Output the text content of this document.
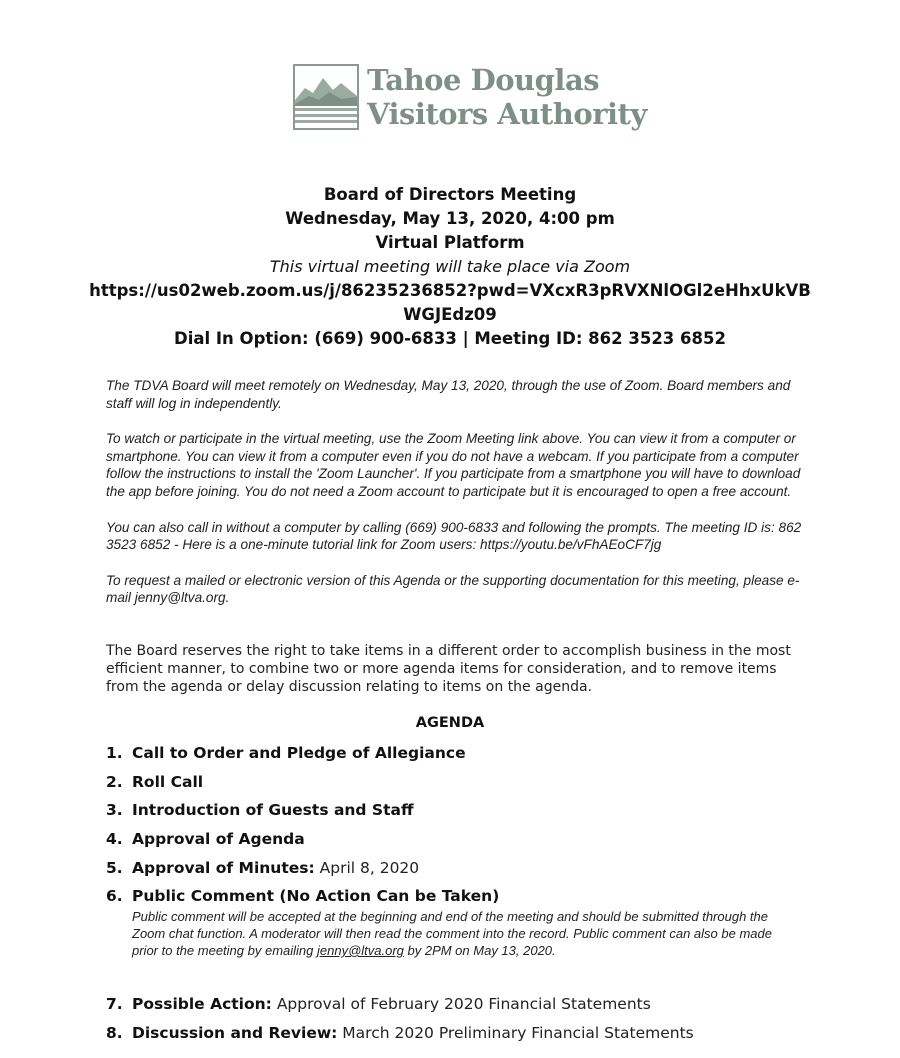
Tahoe Douglas
Visitors Authority
Board of Directors Meeting
Wednesday, May 13, 2020, 4:00 pm
Virtual Platform
This virtual meeting will take place via Zoom
https://us02web.zoom.us/j/86235236852?pwd=VXcxR3pRVXNlOGl2eHhxUkVB
WGJEdz09
Dial In Option: (669) 900-6833 | Meeting ID: 862 3523 6852

The TDVA Board will meet remotely on Wednesday, May 13, 2020, through the use of Zoom. Board members and staff will log in independently.

To watch or participate in the virtual meeting, use the Zoom Meeting link above. You can view it from a computer or smartphone. You can view it from a computer even if you do not have a webcam. If you participate from a computer follow the instructions to install the 'Zoom Launcher'. If you participate from a smartphone you will have to download the app before joining. You do not need a Zoom account to participate but it is encouraged to open a free account.

You can also call in without a computer by calling (669) 900-6833 and following the prompts. The meeting ID is: 862 3523 6852 - Here is a one-minute tutorial link for Zoom users: https://youtu.be/vFhAEoCF7jg

To request a mailed or electronic version of this Agenda or the supporting documentation for this meeting, please e-mail jenny@ltva.org.

The Board reserves the right to take items in a different order to accomplish business in the most efficient manner, to combine two or more agenda items for consideration, and to remove items from the agenda or delay discussion relating to items on the agenda.
AGENDA
1. Call to Order and Pledge of Allegiance
2. Roll Call
3. Introduction of Guests and Staff
4. Approval of Agenda
5. Approval of Minutes: April 8, 2020
6. Public Comment (No Action Can be Taken)
Public comment will be accepted at the beginning and end of the meeting and should be submitted through the Zoom chat function. A moderator will then read the comment into the record. Public comment can also be made prior to the meeting by emailing jenny@ltva.org by 2PM on May 13, 2020.
7. Possible Action: Approval of February 2020 Financial Statements
8. Discussion and Review: March 2020 Preliminary Financial Statements
